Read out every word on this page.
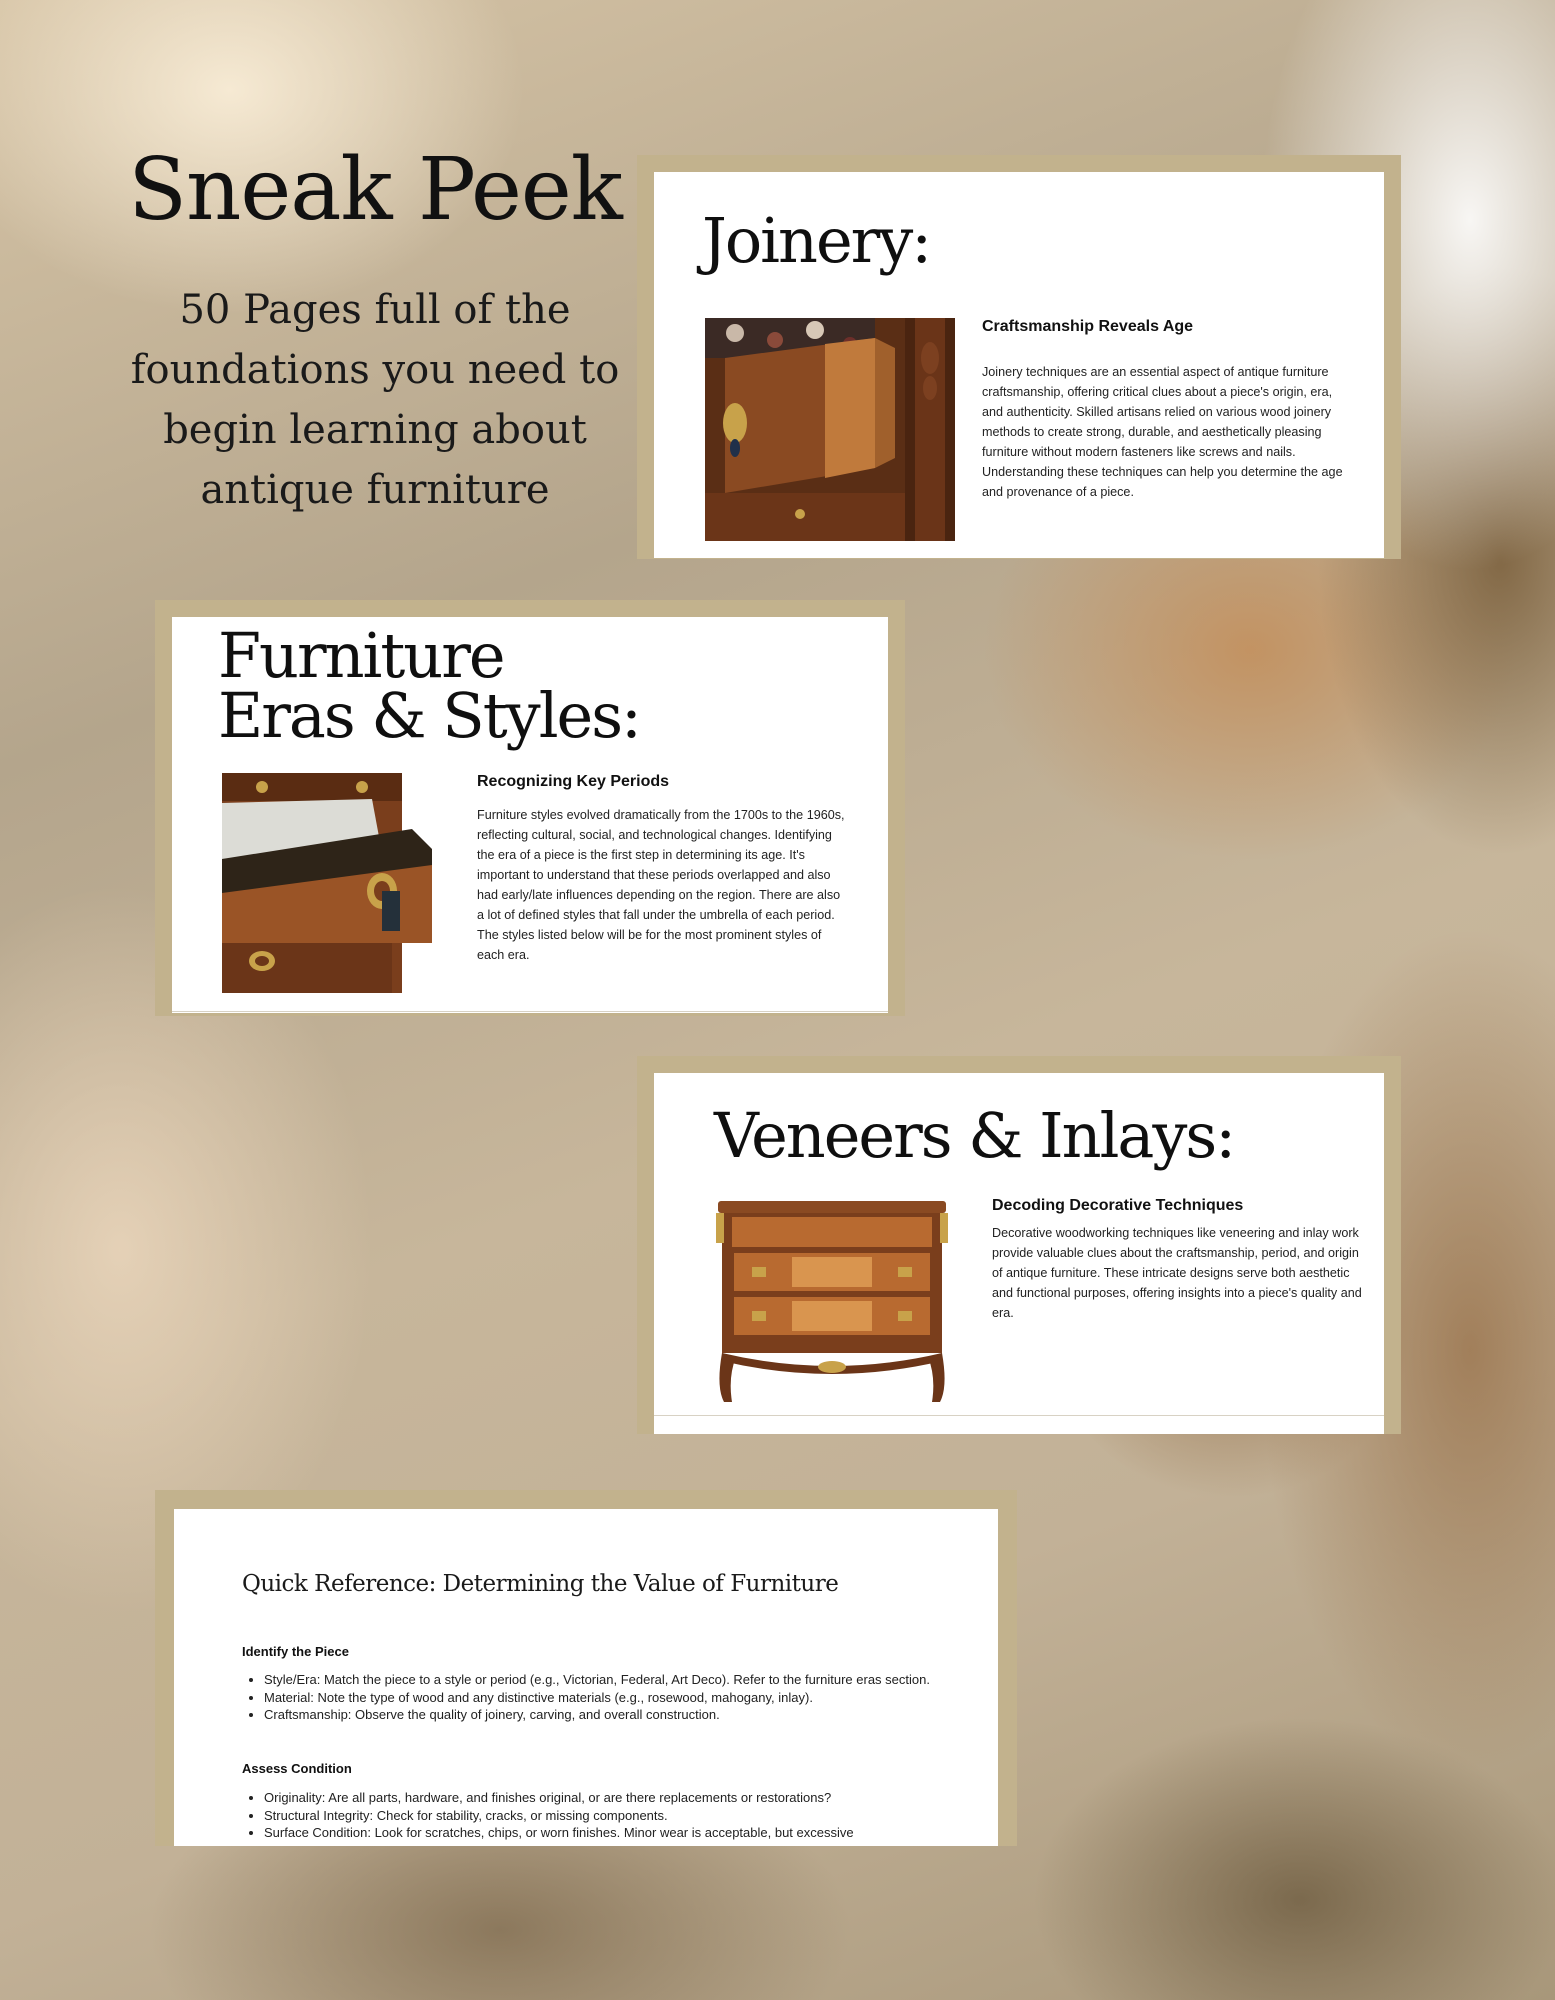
Sneak Peek

50 Pages full of the foundations you need to begin learning about antique furniture

Joinery:
Craftsmanship Reveals Age

Joinery techniques are an essential aspect of antique furniture craftsmanship, offering critical clues about a piece's origin, era, and authenticity. Skilled artisans relied on various wood joinery methods to create strong, durable, and aesthetically pleasing furniture without modern fasteners like screws and nails. Understanding these techniques can help you determine the age and provenance of a piece.

Furniture
Eras & Styles:
Recognizing Key Periods

Furniture styles evolved dramatically from the 1700s to the 1960s, reflecting cultural, social, and technological changes. Identifying the era of a piece is the first step in determining its age. It's important to understand that these periods overlapped and also had early/late influences depending on the region. There are also a lot of defined styles that fall under the umbrella of each period. The styles listed below will be for the most prominent styles of each era.

Veneers & Inlays:
Decoding Decorative Techniques

Decorative woodworking techniques like veneering and inlay work provide valuable clues about the craftsmanship, period, and origin of antique furniture. These intricate designs serve both aesthetic and functional purposes, offering insights into a piece's quality and era.

Quick Reference: Determining the Value of Furniture
Identify the Piece
• Style/Era: Match the piece to a style or period (e.g., Victorian, Federal, Art Deco). Refer to the furniture eras section.
• Material: Note the type of wood and any distinctive materials (e.g., rosewood, mahogany, inlay).
• Craftsmanship: Observe the quality of joinery, carving, and overall construction.
Assess Condition
• Originality: Are all parts, hardware, and finishes original, or are there replacements or restorations?
• Structural Integrity: Check for stability, cracks, or missing components.
• Surface Condition: Look for scratches, chips, or worn finishes. Minor wear is acceptable, but excessive
